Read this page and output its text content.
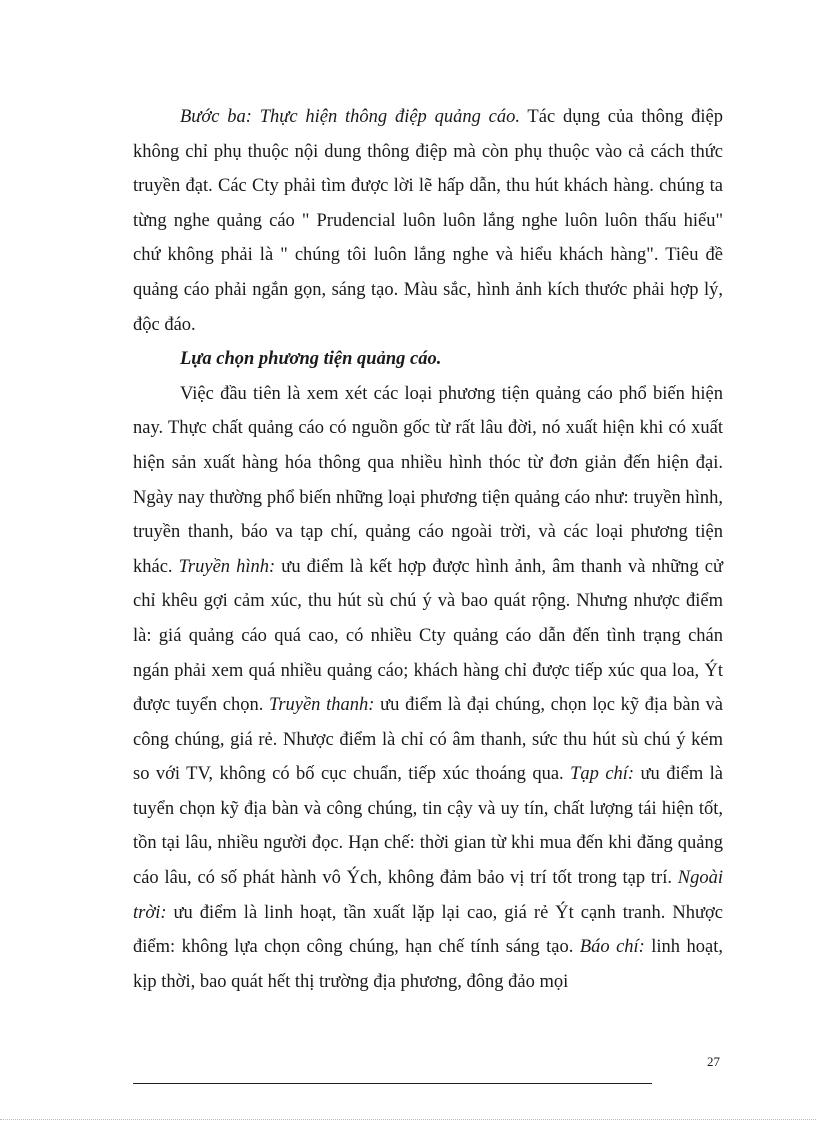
Bước ba: Thực hiện thông điệp quảng cáo. Tác dụng của thông điệp không chỉ phụ thuộc nội dung thông điệp mà còn phụ thuộc vào cả cách thức truyền đạt. Các Cty phải tìm được lời lẽ hấp dẫn, thu hút khách hàng. chúng ta từng nghe quảng cáo " Prudencial luôn luôn lắng nghe luôn luôn thấu hiểu" chứ không phải là " chúng tôi luôn lắng nghe và hiểu khách hàng". Tiêu đề quảng cáo phải ngắn gọn, sáng tạo. Màu sắc, hình ảnh kích thước phải hợp lý, độc đáo.

Lựa chọn phương tiện quảng cáo.

Việc đầu tiên là xem xét các loại phương tiện quảng cáo phổ biến hiện nay. Thực chất quảng cáo có nguồn gốc từ rất lâu đời, nó xuất hiện khi có xuất hiện sản xuất hàng hóa thông qua nhiều hình thóc từ đơn giản đến hiện đại. Ngày nay thường phổ biến những loại phương tiện quảng cáo như: truyền hình, truyền thanh, báo va tạp chí, quảng cáo ngoài trời, và các loại phương tiện khác. Truyền hình: ưu điểm là kết hợp được hình ảnh, âm thanh và những cử chỉ khêu gợi cảm xúc, thu hút sù chú ý và bao quát rộng. Nhưng nhược điểm là: giá quảng cáo quá cao, có nhiều Cty quảng cáo dẫn đến tình trạng chán ngán phải xem quá nhiều quảng cáo; khách hàng chỉ được tiếp xúc qua loa, Ýt được tuyển chọn. Truyền thanh: ưu điểm là đại chúng, chọn lọc kỹ địa bàn và công chúng, giá rẻ. Nhược điểm là chỉ có âm thanh, sức thu hút sù chú ý kém so với TV, không có bố cục chuẩn, tiếp xúc thoáng qua. Tạp chí: ưu điểm là tuyển chọn kỹ địa bàn và công chúng, tin cậy và uy tín, chất lượng tái hiện tốt, tồn tại lâu, nhiều người đọc. Hạn chế: thời gian từ khi mua đến khi đăng quảng cáo lâu, có số phát hành vô Ých, không đảm bảo vị trí tốt trong tạp trí. Ngoài trời: ưu điểm là linh hoạt, tần xuất lặp lại cao, giá rẻ Ýt cạnh tranh. Nhược điểm: không lựa chọn công chúng, hạn chế tính sáng tạo. Báo chí: linh hoạt, kịp thời, bao quát hết thị trường địa phương, đông đảo mọi

27
